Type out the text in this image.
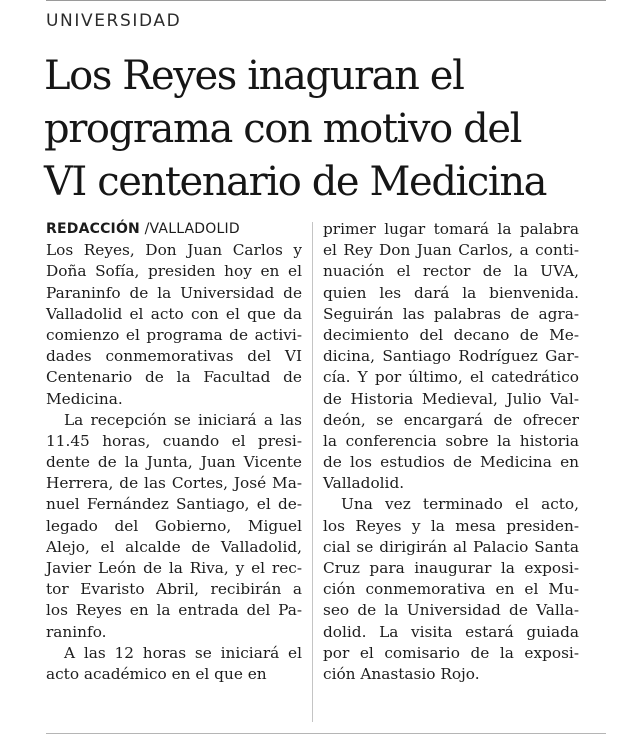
UNIVERSIDAD
Los Reyes inaguran el
programa con motivo del
VI centenario de Medicina
REDACCIÓN /VALLADOLID
Los Reyes, Don Juan Carlos y
Doña Sofía, presiden hoy en el
Paraninfo de la Universidad de
Valladolid el acto con el que da
comienzo el programa de activi-
dades conmemorativas del VI
Centenario de la Facultad de
Medicina.
La recepción se iniciará a las
11.45 horas, cuando el presi-
dente de la Junta, Juan Vicente
Herrera, de las Cortes, José Ma-
nuel Fernández Santiago, el de-
legado del Gobierno, Miguel
Alejo, el alcalde de Valladolid,
Javier León de la Riva, y el rec-
tor Evaristo Abril, recibirán a
los Reyes en la entrada del Pa-
raninfo.
A las 12 horas se iniciará el
acto académico en el que en
primer lugar tomará la palabra
el Rey Don Juan Carlos, a conti-
nuación el rector de la UVA,
quien les dará la bienvenida.
Seguirán las palabras de agra-
decimiento del decano de Me-
dicina, Santiago Rodríguez Gar-
cía. Y por último, el catedrático
de Historia Medieval, Julio Val-
deón, se encargará de ofrecer
la conferencia sobre la historia
de los estudios de Medicina en
Valladolid.
Una vez terminado el acto,
los Reyes y la mesa presiden-
cial se dirigirán al Palacio Santa
Cruz para inaugurar la exposi-
ción conmemorativa en el Mu-
seo de la Universidad de Valla-
dolid. La visita estará guiada
por el comisario de la exposi-
ción Anastasio Rojo.
